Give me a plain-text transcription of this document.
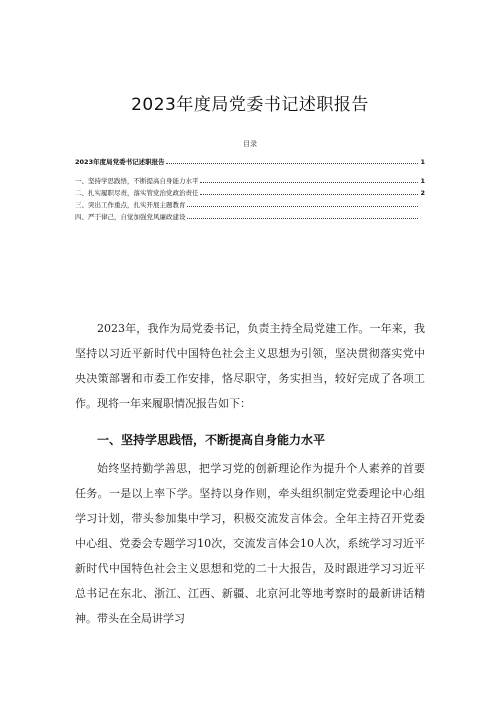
2023年度局党委书记述职报告
目录
2023年度局党委书记述职报告	1
一、坚持学思践悟，不断提高自身能力水平	1
二、扎实履职尽责，落实管党治党政治责任	2
三、突出工作重点，扎实开展主题教育
四、严于律己，自觉加强党风廉政建设

2023年，我作为局党委书记，负责主持全局党建工作。一年来，我坚持以习近平新时代中国特色社会主义思想为引领，坚决贯彻落实党中央决策部署和市委工作安排，恪尽职守，务实担当，较好完成了各项工作。现将一年来履职情况报告如下：

一、坚持学思践悟，不断提高自身能力水平

始终坚持勤学善思，把学习党的创新理论作为提升个人素养的首要任务。一是以上率下学。坚持以身作则，牵头组织制定党委理论中心组学习计划，带头参加集中学习，积极交流发言体会。全年主持召开党委中心组、党委会专题学习10次，交流发言体会10人次，系统学习习近平新时代中国特色社会主义思想和党的二十大报告，及时跟进学习习近平总书记在东北、浙江、江西、新疆、北京河北等地考察时的最新讲话精神。带头在全局讲学习
